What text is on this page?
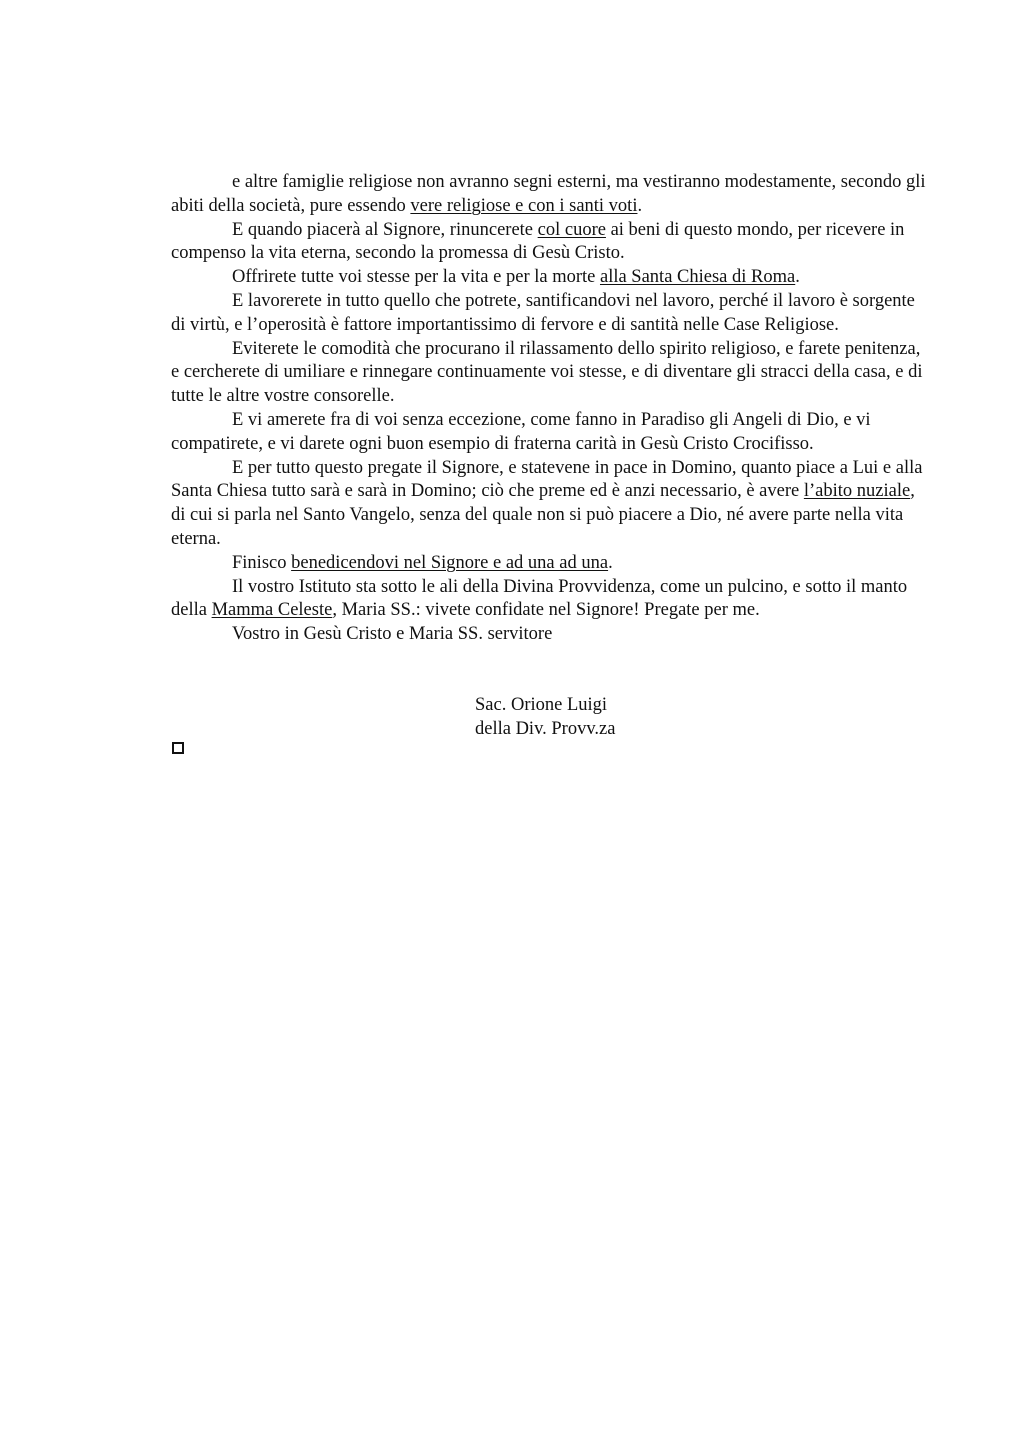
e altre famiglie religiose non avranno segni esterni, ma vestiranno modestamente, secondo gli abiti della società, pure essendo vere religiose e con i santi voti.

E quando piacerà al Signore, rinuncerete col cuore ai beni di questo mondo, per ricevere in compenso la vita eterna, secondo la promessa di Gesù Cristo.

Offrirete tutte voi stesse per la vita e per la morte alla Santa Chiesa di Roma.

E lavorerete in tutto quello che potrete, santificandovi nel lavoro, perché il lavoro è sorgente di virtù, e l’operosità è fattore importantissimo di fervore e di santità nelle Case Religiose.

Eviterete le comodità che procurano il rilassamento dello spirito religioso, e farete penitenza, e cercherete di umiliare e rinnegare continuamente voi stesse, e di diventare gli stracci della casa, e di tutte le altre vostre consorelle.

E vi amerete fra di voi senza eccezione, come fanno in Paradiso gli Angeli di Dio, e vi compatirete, e vi darete ogni buon esempio di fraterna carità in Gesù Cristo Crocifisso.

E per tutto questo pregate il Signore, e statevene in pace in Domino, quanto piace a Lui e alla Santa Chiesa tutto sarà e sarà in Domino; ciò che preme ed è anzi necessario, è avere l’abito nuziale, di cui si parla nel Santo Vangelo, senza del quale non si può piacere a Dio, né avere parte nella vita eterna.

Finisco benedicendovi nel Signore e ad una ad una.

Il vostro Istituto sta sotto le ali della Divina Provvidenza, come un pulcino, e sotto il manto della Mamma Celeste, Maria SS.: vivete confidate nel Signore! Pregate per me.

Vostro in Gesù Cristo e Maria SS. servitore

Sac. Orione Luigi
della Div. Provv.za
